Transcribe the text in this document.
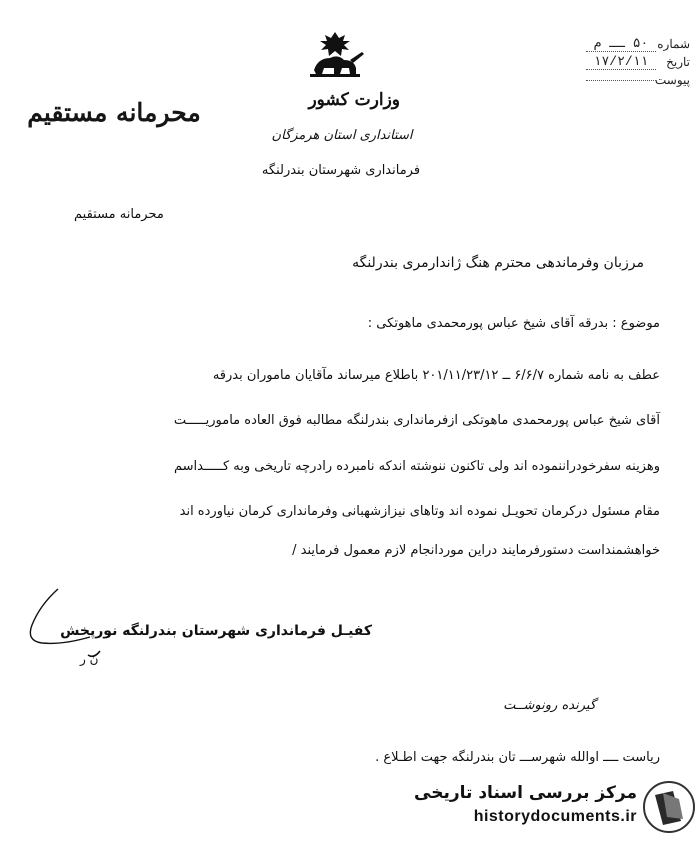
شماره
۵۰ ــ م
تاریخ
۱۷/۲/۱۱
پیوست
محرمانه مستقیم	وزارت کشور
استانداری استان هرمزگان
فرمانداری شهرستان بندرلنگه
محرمانه مستقیم
مرزبان وفرماندهی محترم هنگ ژاندارمری بندرلنگه
موضوع : بدرقه آقای شیخ عباس پورمحمدی ماهوتکی :
عطف به نامه شماره ۶/۶/۷ ــ ۲۰۱/۱۱/۲۳/۱۲ باطلاع میرساند مآقایان ماموران بدرقه
آقای شیخ عباس پورمحمدی ماهوتکی ازفرمانداری بندرلنگه مطالبه فوق العاده ماموریـــــت
وهزینه سفرخودراننموده اند ولی تاکنون ننوشته اندکه نامبرده رادرچه تاریخی وبه کـــــداسم
مقام مسئول درکرمان تحویـل نموده اند وتاهای نیزازشهبانی وفرمانداری کرمان نیاورده اند
خواهشمنداست دستورفرمایند دراین موردانجام لازم معمول فرمایند /
کفیـل فرمانداری شهرستان بندرلنگه نورپخش
ن ر
گیرنده رونوشــت
ریاست ــــ اوالله شهرســـ تان بندرلنگه جهت اطـلاع .
مرکز بررسی اسناد تاریخی
historydocuments.ir
